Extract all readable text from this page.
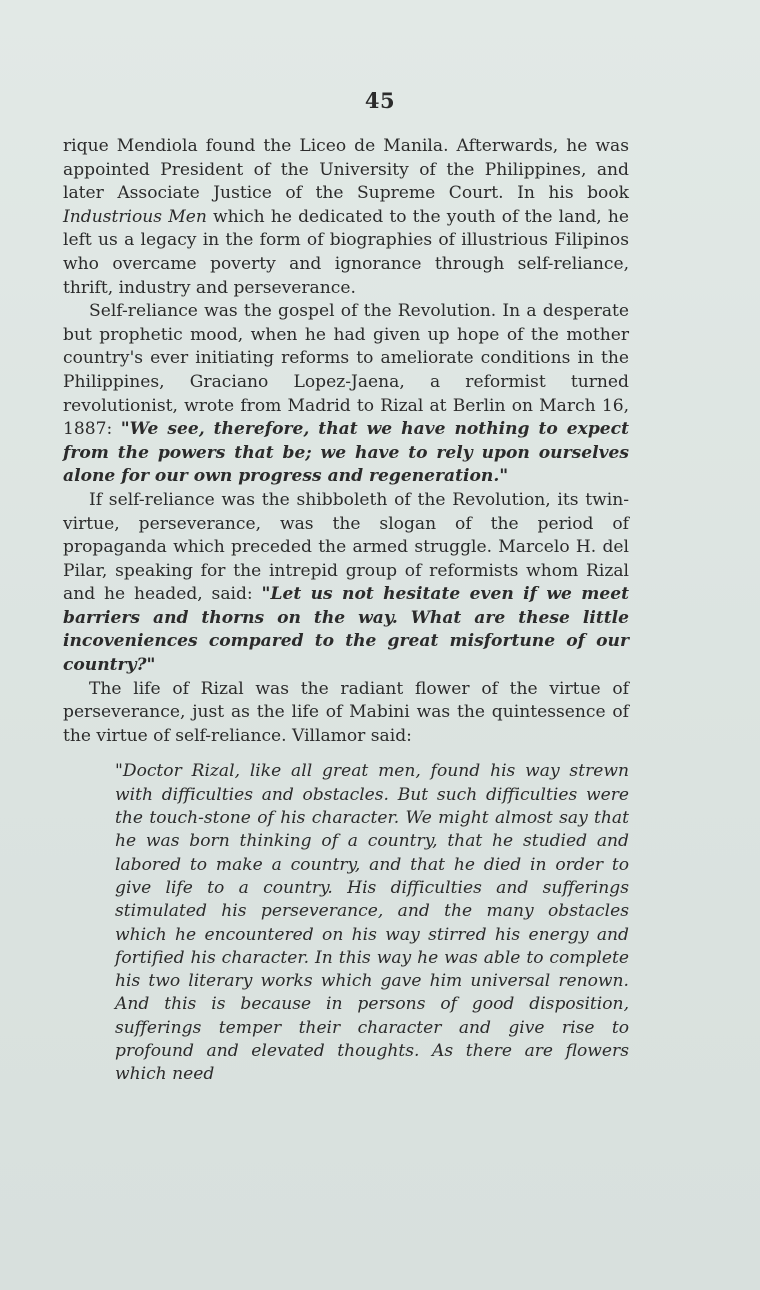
45

rique Mendiola found the Liceo de Manila. Afterwards, he was appointed President of the University of the Philippines, and later Associate Justice of the Supreme Court. In his book Industrious Men which he dedicated to the youth of the land, he left us a legacy in the form of biographies of illustrious Filipinos who overcame poverty and ignorance through self-reliance, thrift, industry and perseverance.

Self-reliance was the gospel of the Revolution. In a desperate but prophetic mood, when he had given up hope of the mother country's ever initiating reforms to ameliorate conditions in the Philippines, Graciano Lopez-Jaena, a reformist turned revolutionist, wrote from Madrid to Rizal at Berlin on March 16, 1887: "We see, therefore, that we have nothing to expect from the powers that be; we have to rely upon ourselves alone for our own progress and regeneration."

If self-reliance was the shibboleth of the Revolution, its twin-virtue, perseverance, was the slogan of the period of propaganda which preceded the armed struggle. Marcelo H. del Pilar, speaking for the intrepid group of reformists whom Rizal and he headed, said: "Let us not hesitate even if we meet barriers and thorns on the way. What are these little incoveniences compared to the great misfortune of our country?"

The life of Rizal was the radiant flower of the virtue of perseverance, just as the life of Mabini was the quintessence of the virtue of self-reliance. Villamor said:

"Doctor Rizal, like all great men, found his way strewn with difficulties and obstacles. But such difficulties were the touch-stone of his character. We might almost say that he was born thinking of a country, that he studied and labored to make a country, and that he died in order to give life to a country. His difficulties and sufferings stimulated his perseverance, and the many obstacles which he encountered on his way stirred his energy and fortified his character. In this way he was able to complete his two literary works which gave him universal renown. And this is because in persons of good disposition, sufferings temper their character and give rise to profound and elevated thoughts. As there are flowers which need
